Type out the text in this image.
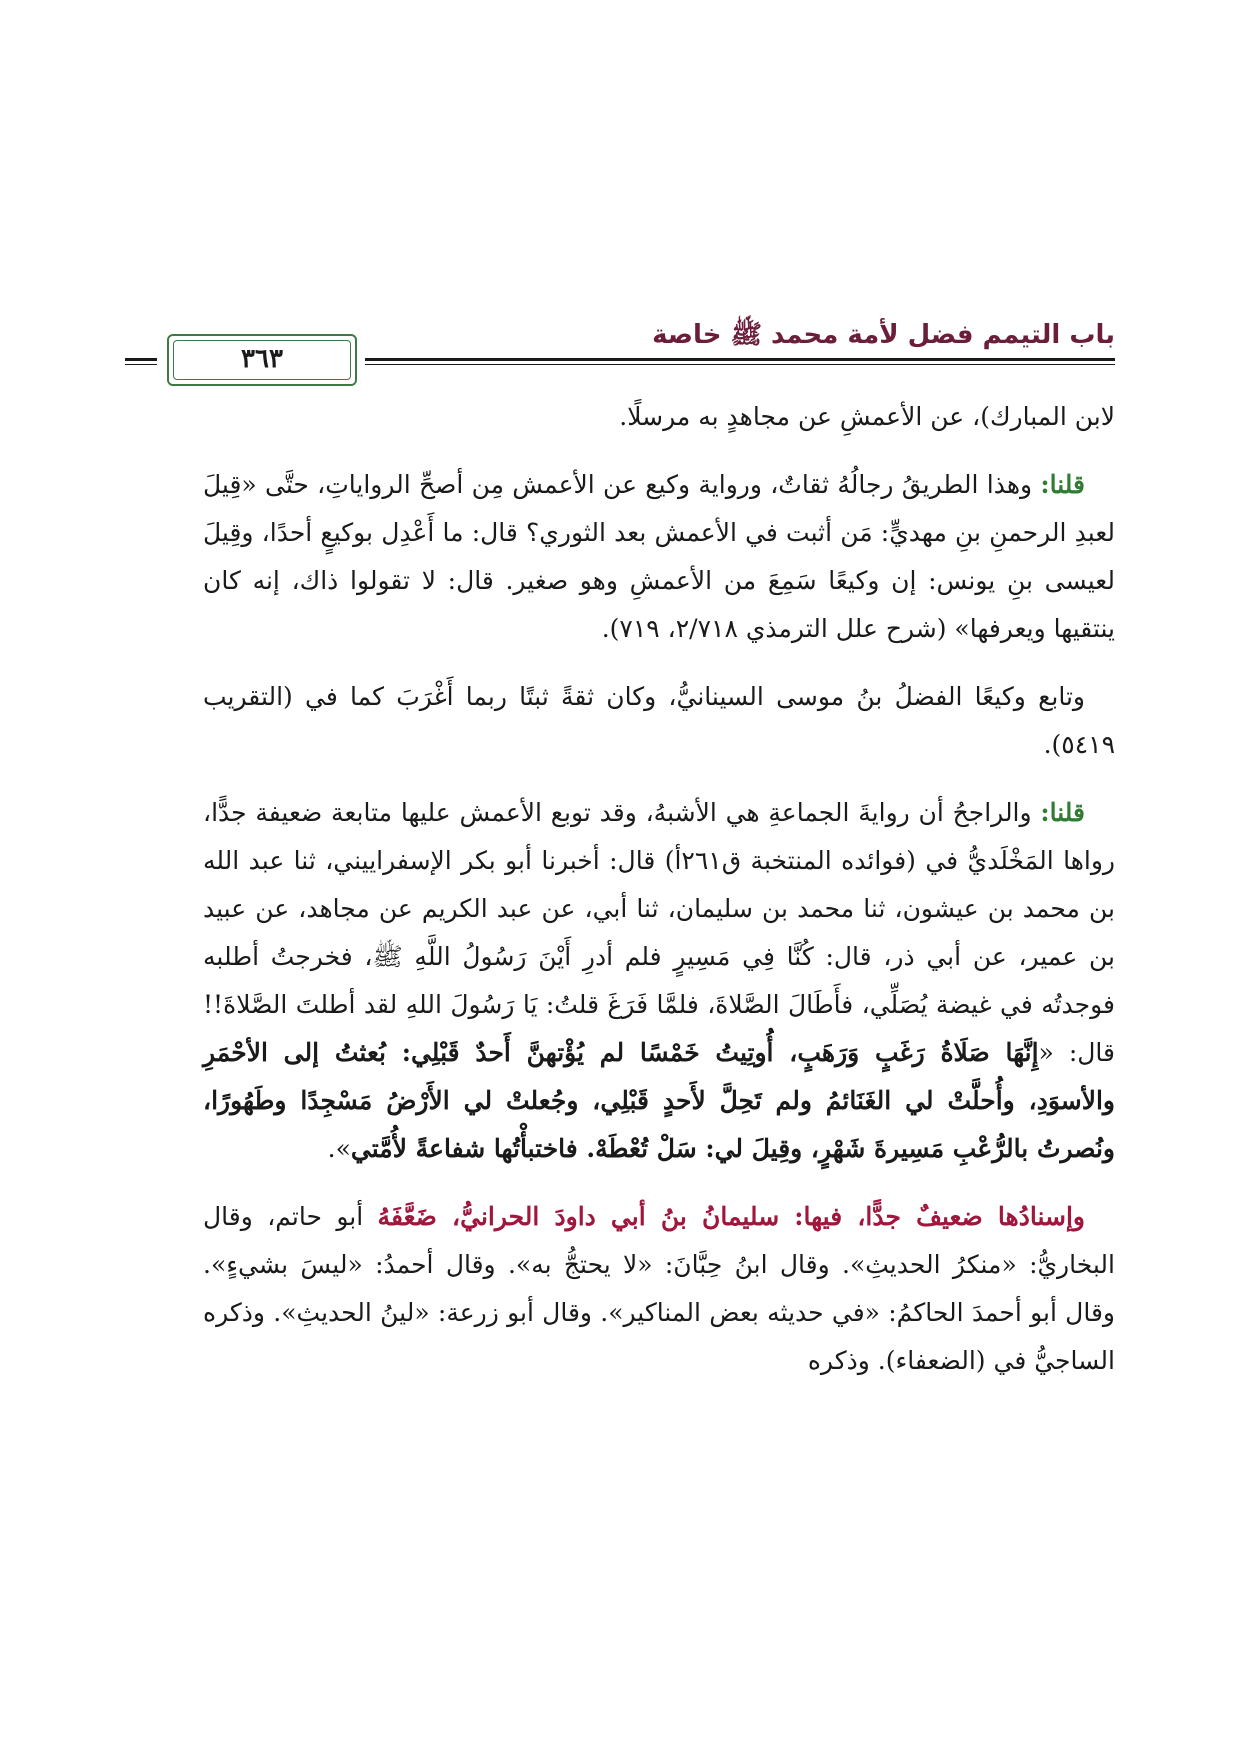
باب التيمم فضل لأمة محمد ﷺ خاصة
٣٦٣

لابن المبارك)، عن الأعمشِ عن مجاهدٍ به مرسلًا.

قلنا: وهذا الطريقُ رجالُهُ ثقاتٌ، ورواية وكيع عن الأعمش مِن أصحِّ الرواياتِ، حتَّى «قِيلَ لعبدِ الرحمنِ بنِ مهديٍّ: مَن أثبت في الأعمش بعد الثوري؟ قال: ما أَعْدِل بوكيعٍ أحدًا، وقِيلَ لعيسى بنِ يونس: إن وكيعًا سَمِعَ من الأعمشِ وهو صغير. قال: لا تقولوا ذاك، إنه كان ينتقيها ويعرفها» (شرح علل الترمذي ٢/٧١٨، ٧١٩).

وتابع وكيعًا الفضلُ بنُ موسى السينانيُّ، وكان ثقةً ثبتًا ربما أَغْرَبَ كما في (التقريب ٥٤١٩).

قلنا: والراجحُ أن روايةَ الجماعةِ هي الأشبهُ، وقد توبع الأعمش عليها متابعة ضعيفة جدًّا، رواها المَخْلَديُّ في (فوائده المنتخبة ق٢٦١أ) قال: أخبرنا أبو بكر الإسفراييني، ثنا عبد الله بن محمد بن عيشون، ثنا محمد بن سليمان، ثنا أبي، عن عبد الكريم عن مجاهد، عن عبيد بن عمير، عن أبي ذر، قال: كُنَّا فِي مَسِيرٍ فلم أدرِ أَيْنَ رَسُولُ اللَّهِ ﷺ، فخرجتُ أطلبه فوجدتُه في غيضة يُصَلِّي، فأَطَالَ الصَّلاةَ، فلمَّا فَرَغَ قلتُ: يَا رَسُولَ اللهِ لقد أطلتَ الصَّلاةَ!! قال: «إِنَّهَا صَلَاةُ رَغَبٍ وَرَهَبٍ، أُوتِيتُ خَمْسًا لم يُؤْتهنَّ أَحدٌ قَبْلِي: بُعثتُ إلى الأحْمَرِ والأسوَدِ، وأُحلَّتْ لي الغَنَائمُ ولم تَحِلَّ لأَحدٍ قَبْلِي، وجُعلتْ لي الأَرْضُ مَسْجِدًا وطَهُورًا، ونُصرتُ بالرُّعْبِ مَسِيرةَ شَهْرٍ، وقِيلَ لي: سَلْ تُعْطَهْ. فاختبأْتُها شفاعةً لأُمَّتي».

وإسنادُها ضعيفٌ جدًّا، فيها: سليمانُ بنُ أبي داودَ الحرانيُّ، ضَعَّفَهُ أبو حاتم، وقال البخاريُّ: «منكرُ الحديثِ». وقال ابنُ حِبَّانَ: «لا يحتجُّ به». وقال أحمدُ: «ليسَ بشيءٍ». وقال أبو أحمدَ الحاكمُ: «في حديثه بعض المناكير». وقال أبو زرعة: «لينُ الحديثِ». وذكره الساجيُّ في (الضعفاء). وذكره
